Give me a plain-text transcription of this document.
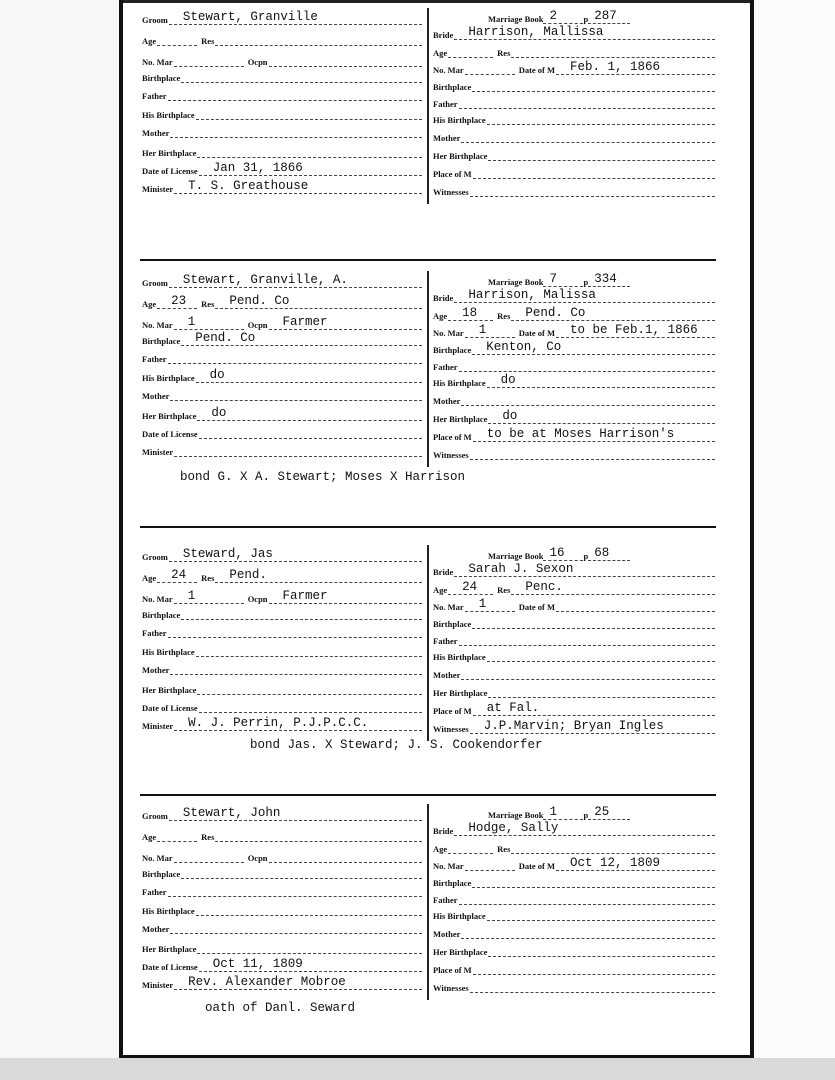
Groom Stewart, Granville
Age
	Res
No. Mar
	Ocpn
Birthplace
Father
His Birthplace
Mother
Her Birthplace
Date of License Jan 31, 1866
Minister T. S. Greathouse
Marriage Book 2	p 287
Bride Harrison, Mallissa
Age
	Res
No. Mar
	Date of M Feb. 1, 1866
Birthplace
Father
His Birthplace
Mother
Her Birthplace
Place of M
Witnesses
Groom Stewart, Granville, A.
Age 23
Res Pend. Co
No. Mar 1
	Ocpn Farmer
Birthplace Pend. Co
Father
His Birthplace do
Mother
Her Birthplace do
Date of License
Minister
Marriage Book 7	p 334
Bride Harrison, Malissa
Age 18
Res Pend. Co
No. Mar 1
	Date of M to be Feb.1, 1866
Birthplace Kenton, Co
Father
His Birthplace do
Mother
Her Birthplace do
Place of M to be at Moses Harrison's
Witnesses
bond G. X A. Stewart; Moses X Harrison
Groom Steward, Jas
Age 24
Res Pend.
No. Mar 1
	Ocpn Farmer
Birthplace
Father
His Birthplace
Mother
Her Birthplace
Date of License
Minister W. J. Perrin, P.J.P.C.C.
Marriage Book 16 p 68
Bride Sarah J. Sexon
Age 24
Res Penc.
No. Mar 1
	Date of M
Birthplace
Father
His Birthplace
Mother
Her Birthplace
Place of M at Fal.
Witnesses J.P.Marvin; Bryan Ingles
bond Jas. X Steward; J. S. Cookendorfer
Groom Stewart, John
Age
	Res
No. Mar
	Ocpn
Birthplace
Father
His Birthplace
Mother
Her Birthplace
Date of License Oct 11, 1809
Minister Rev. Alexander Mobroe
Marriage Book 1	p 25
Bride Hodge, Sally
Age
	Res
No. Mar
	Date of M Oct 12, 1809
Birthplace
Father
His Birthplace
Mother
Her Birthplace
Place of M
Witnesses
oath of Danl. Seward
